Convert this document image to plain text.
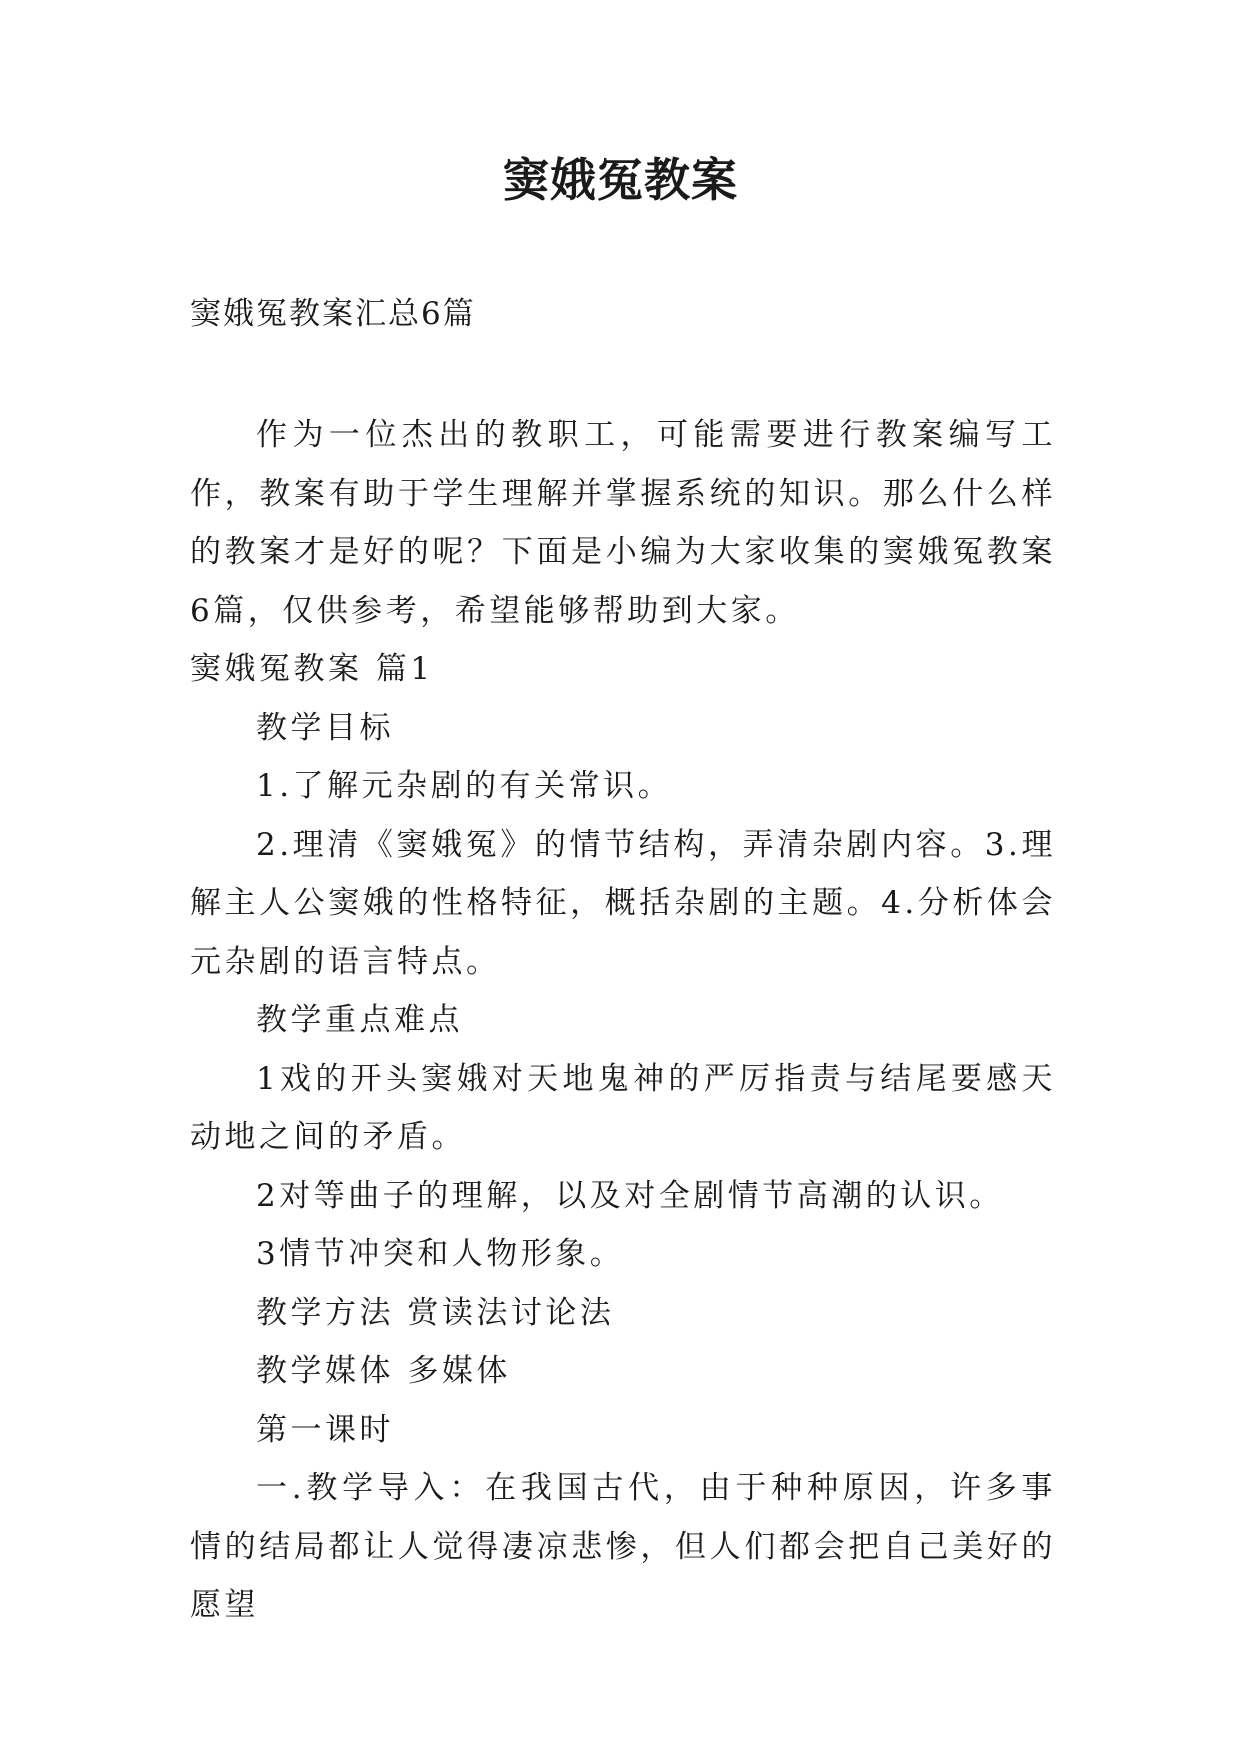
窦娥冤教案

窦娥冤教案汇总6篇

作为一位杰出的教职工，可能需要进行教案编写工作，教案有助于学生理解并掌握系统的知识。那么什么样的教案才是好的呢？下面是小编为大家收集的窦娥冤教案6篇，仅供参考，希望能够帮助到大家。

窦娥冤教案 篇1

教学目标

1.了解元杂剧的有关常识。

2.理清《窦娥冤》的情节结构，弄清杂剧内容。3.理解主人公窦娥的性格特征，概括杂剧的主题。4.分析体会元杂剧的语言特点。

教学重点难点

1戏的开头窦娥对天地鬼神的严厉指责与结尾要感天动地之间的矛盾。

2对等曲子的理解，以及对全剧情节高潮的认识。

3情节冲突和人物形象。

教学方法 赏读法讨论法

教学媒体 多媒体

第一课时

一.教学导入：在我国古代，由于种种原因，许多事情的结局都让人觉得凄凉悲惨，但人们都会把自己美好的愿望
